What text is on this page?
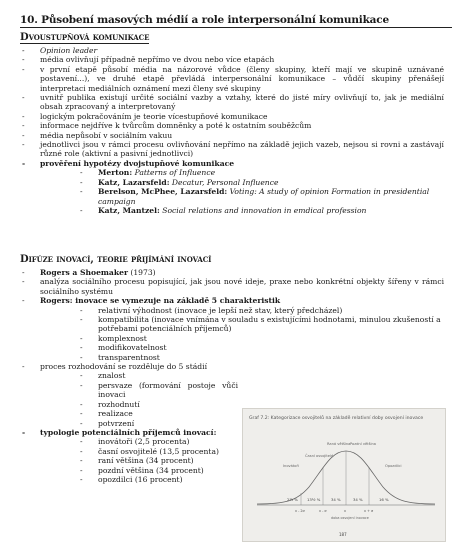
10. Působení masových médií a role interpersonální komunikace
Dvoustupňová komunikace
- Opinion leader
- média ovlivňují případně nepřímo ve dvou nebo více etapách
- v první etapě působí média na názorové vůdce (členy skupiny, kteří mají ve skupině uznávané postavení...), ve druhé etapě převládá interpersonální komunikace – vůdčí skupiny přenášejí interpretaci mediálních oznámení mezi členy své skupiny
- uvnitř publika existují určité sociální vazby a vztahy, které do jisté míry ovlivňují to, jak je mediální obsah zpracovaný a interpretovaný
- logickým pokračováním je teorie vícestupňové komunikace
- informace nejdříve k tvůrcům domněnky a poté k ostatním souběžcům
- média nepůsobí v sociálním vakuu
- jednotlivci jsou v rámci procesu ovlivňování nepřímo na základě jejich vazeb, nejsou si rovni a zastávají různé role (aktivní a pasivní jednotlivci)
- prověření hypotézy dvojstupňové komunikace
- Merton: Patterns of Influence
- Katz, Lazarsfeld: Decatur, Personal Influence
- Berelson, McPhee, Lazarsfeld: Voting: A study of opinion Formation in presidential campaign
- Katz, Mantzel: Social relations and innovation in emdical profession
Difúze inovací, teorie přijímání inovací
- Rogers a Shoemaker (1973)
- analýza sociálního procesu popisující, jak jsou nové ideje, praxe nebo konkrétní objekty šířeny v rámci sociálního systému
- Rogers: inovace se vymezuje na základě 5 charakteristik
- relativní výhodnost (inovace je lepší než stav, který předcházel)
- kompatibilita (inovace vnímána v souladu s existujícími hodnotami, minulou zkušeností a potřebami potenciálních příjemců)
- komplexnost
- modifikovatelnost
- transparentnost
- proces rozhodování se rozděluje do 5 stádií
- znalost
- persvaze (formování postoje vůči inovaci
- rozhodnutí
- realizace
- potvrzení
- typologie potenciálních příjemců inovací:
- inovátoři (2,5 procenta)
- časní osvojitelé (13,5 procenta)
- raní většina (34 procent)
- pozdní většina (34 procent)
- opozdilci (16 procent)
Graf 7.2: Kategorizace osvojitelů na základě relativní doby osvojení inovace
Inovátoři
Časní osvojitelé
Raná většina Pozdní většina
Opozdilci
2½ % 13½ %	34 %	34 %	16 %
x - 2σ	x - σ	x	x + σ
doba osvojení inovace
187
